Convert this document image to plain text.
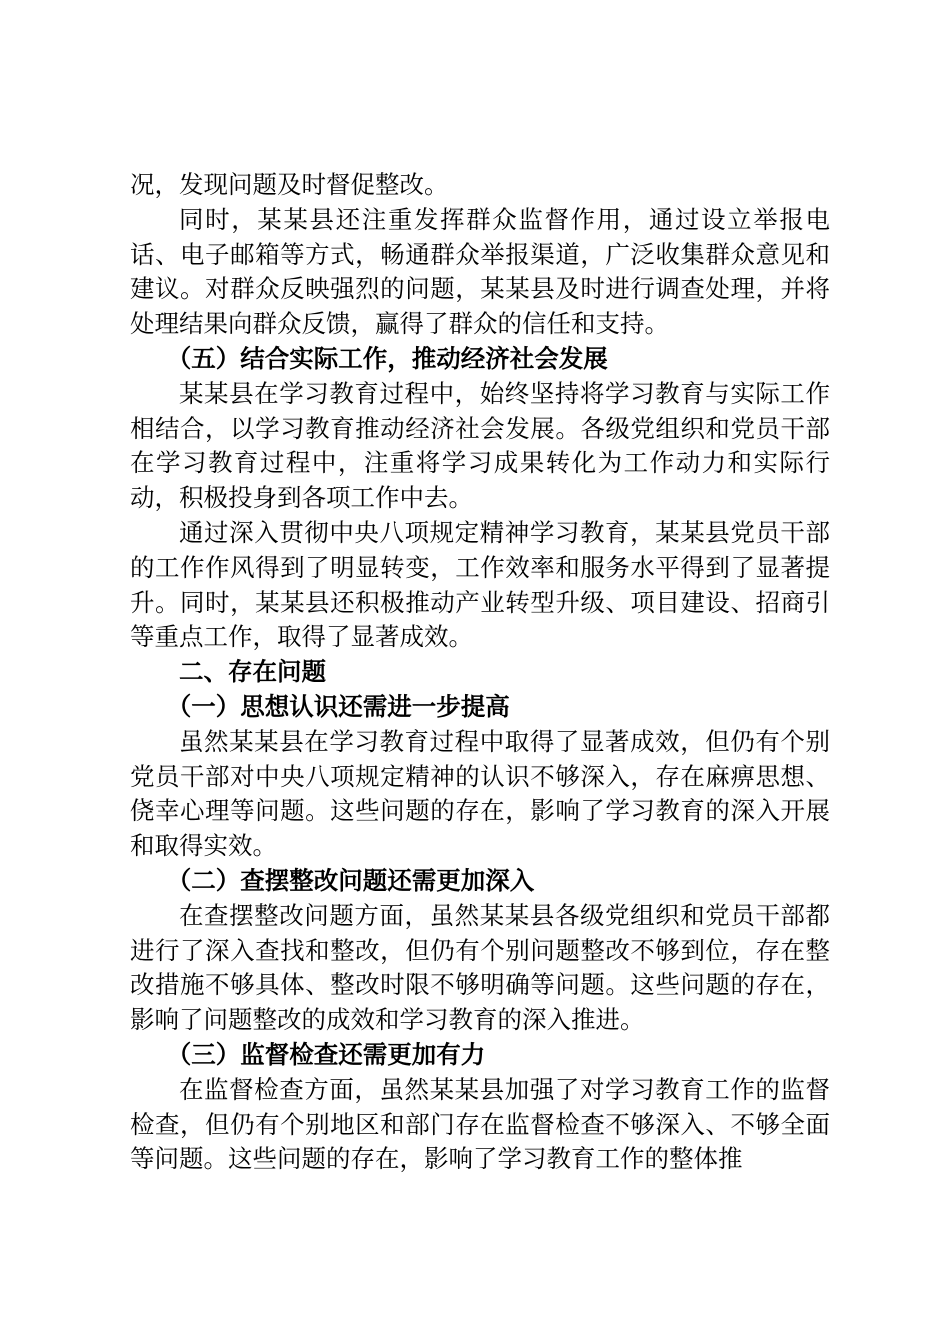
况，发现问题及时督促整改。

同时，某某县还注重发挥群众监督作用，通过设立举报电话、电子邮箱等方式，畅通群众举报渠道，广泛收集群众意见和建议。对群众反映强烈的问题，某某县及时进行调查处理，并将处理结果向群众反馈，赢得了群众的信任和支持。

（五）结合实际工作，推动经济社会发展

某某县在学习教育过程中，始终坚持将学习教育与实际工作相结合，以学习教育推动经济社会发展。各级党组织和党员干部在学习教育过程中，注重将学习成果转化为工作动力和实际行动，积极投身到各项工作中去。

通过深入贯彻中央八项规定精神学习教育，某某县党员干部的工作作风得到了明显转变，工作效率和服务水平得到了显著提升。同时，某某县还积极推动产业转型升级、项目建设、招商引等重点工作，取得了显著成效。

二、存在问题

（一）思想认识还需进一步提高

虽然某某县在学习教育过程中取得了显著成效，但仍有个别党员干部对中央八项规定精神的认识不够深入，存在麻痹思想、侥幸心理等问题。这些问题的存在，影响了学习教育的深入开展和取得实效。

（二）查摆整改问题还需更加深入

在查摆整改问题方面，虽然某某县各级党组织和党员干部都进行了深入查找和整改，但仍有个别问题整改不够到位，存在整改措施不够具体、整改时限不够明确等问题。这些问题的存在，影响了问题整改的成效和学习教育的深入推进。

（三）监督检查还需更加有力

在监督检查方面，虽然某某县加强了对学习教育工作的监督检查，但仍有个别地区和部门存在监督检查不够深入、不够全面等问题。这些问题的存在，影响了学习教育工作的整体推
